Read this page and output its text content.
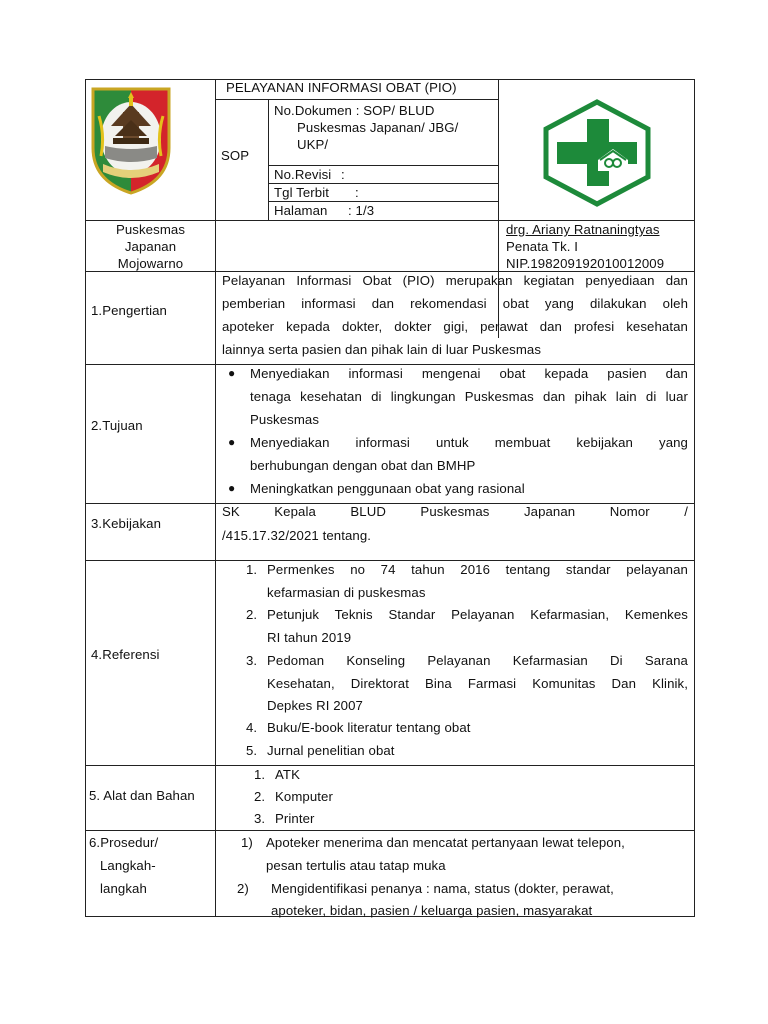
PELAYANAN INFORMASI OBAT (PIO)
SOP
No.Dokumen : SOP/ BLUD
Puskesmas Japanan/ JBG/
UKP/
No.Revisi :
Tgl Terbit :
Halaman : 1/3
Puskesmas
Japanan
Mojowarno
drg. Ariany Ratnaningtyas
Penata Tk. I
NIP.198209192010012009
1.Pengertian
Pelayanan Informasi Obat (PIO) merupakan kegiatan penyediaan dan
pemberian informasi dan rekomendasi obat yang dilakukan oleh
apoteker kepada dokter, dokter gigi, perawat dan profesi kesehatan
lainnya serta pasien dan pihak lain di luar Puskesmas
2.Tujuan
● Menyediakan informasi mengenai obat kepada pasien dan
tenaga kesehatan di lingkungan Puskesmas dan pihak lain di luar
Puskesmas
● Menyediakan informasi untuk membuat kebijakan yang
berhubungan dengan obat dan BMHP
● Meningkatkan penggunaan obat yang rasional
3.Kebijakan
SK Kepala BLUD Puskesmas Japanan Nomor /
/415.17.32/2021 tentang.
4.Referensi
1. Permenkes no 74 tahun 2016 tentang standar pelayanan
kefarmasian di puskesmas
2. Petunjuk Teknis Standar Pelayanan Kefarmasian, Kemenkes
RI tahun 2019
3. Pedoman Konseling Pelayanan Kefarmasian Di Sarana
Kesehatan, Direktorat Bina Farmasi Komunitas Dan Klinik,
Depkes RI 2007
4. Buku/E-book literatur tentang obat
5. Jurnal penelitian obat
5. Alat dan Bahan
1. ATK
2. Komputer
3. Printer
6.Prosedur/
Langkah-
langkah
1) Apoteker menerima dan mencatat pertanyaan lewat telepon,
pesan tertulis atau tatap muka
2) Mengidentifikasi penanya : nama, status (dokter, perawat,
apoteker, bidan, pasien / keluarga pasien, masyarakat
